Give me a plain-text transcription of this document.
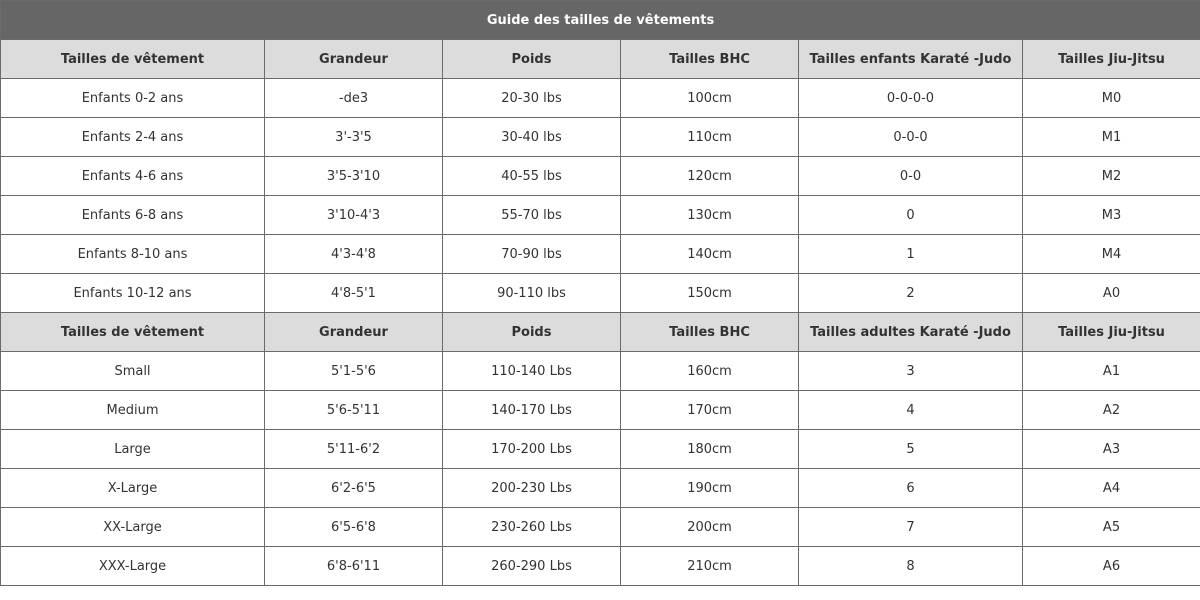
Guide des tailles de vêtements					
Tailles de vêtement	Grandeur	Poids	Tailles BHC	Tailles enfants Karaté -Judo	Tailles Jiu-Jitsu
Enfants 0-2 ans	-de3	20-30 lbs	100cm	0-0-0-0	M0
Enfants 2-4 ans	3'-3'5	30-40 lbs	110cm	0-0-0	M1
Enfants 4-6 ans	3'5-3'10	40-55 lbs	120cm	0-0	M2
Enfants 6-8 ans	3'10-4'3	55-70 lbs	130cm	0	M3
Enfants 8-10 ans	4'3-4'8	70-90 lbs	140cm	1	M4
Enfants 10-12 ans	4'8-5'1	90-110 lbs	150cm	2	A0
Tailles de vêtement	Grandeur	Poids	Tailles BHC	Tailles adultes Karaté -Judo	Tailles Jiu-Jitsu
Small	5'1-5'6	110-140 Lbs	160cm	3	A1
Medium	5'6-5'11	140-170 Lbs	170cm	4	A2
Large	5'11-6'2	170-200 Lbs	180cm	5	A3
X-Large	6'2-6'5	200-230 Lbs	190cm	6	A4
XX-Large	6'5-6'8	230-260 Lbs	200cm	7	A5
XXX-Large	6'8-6'11	260-290 Lbs	210cm	8	A6
